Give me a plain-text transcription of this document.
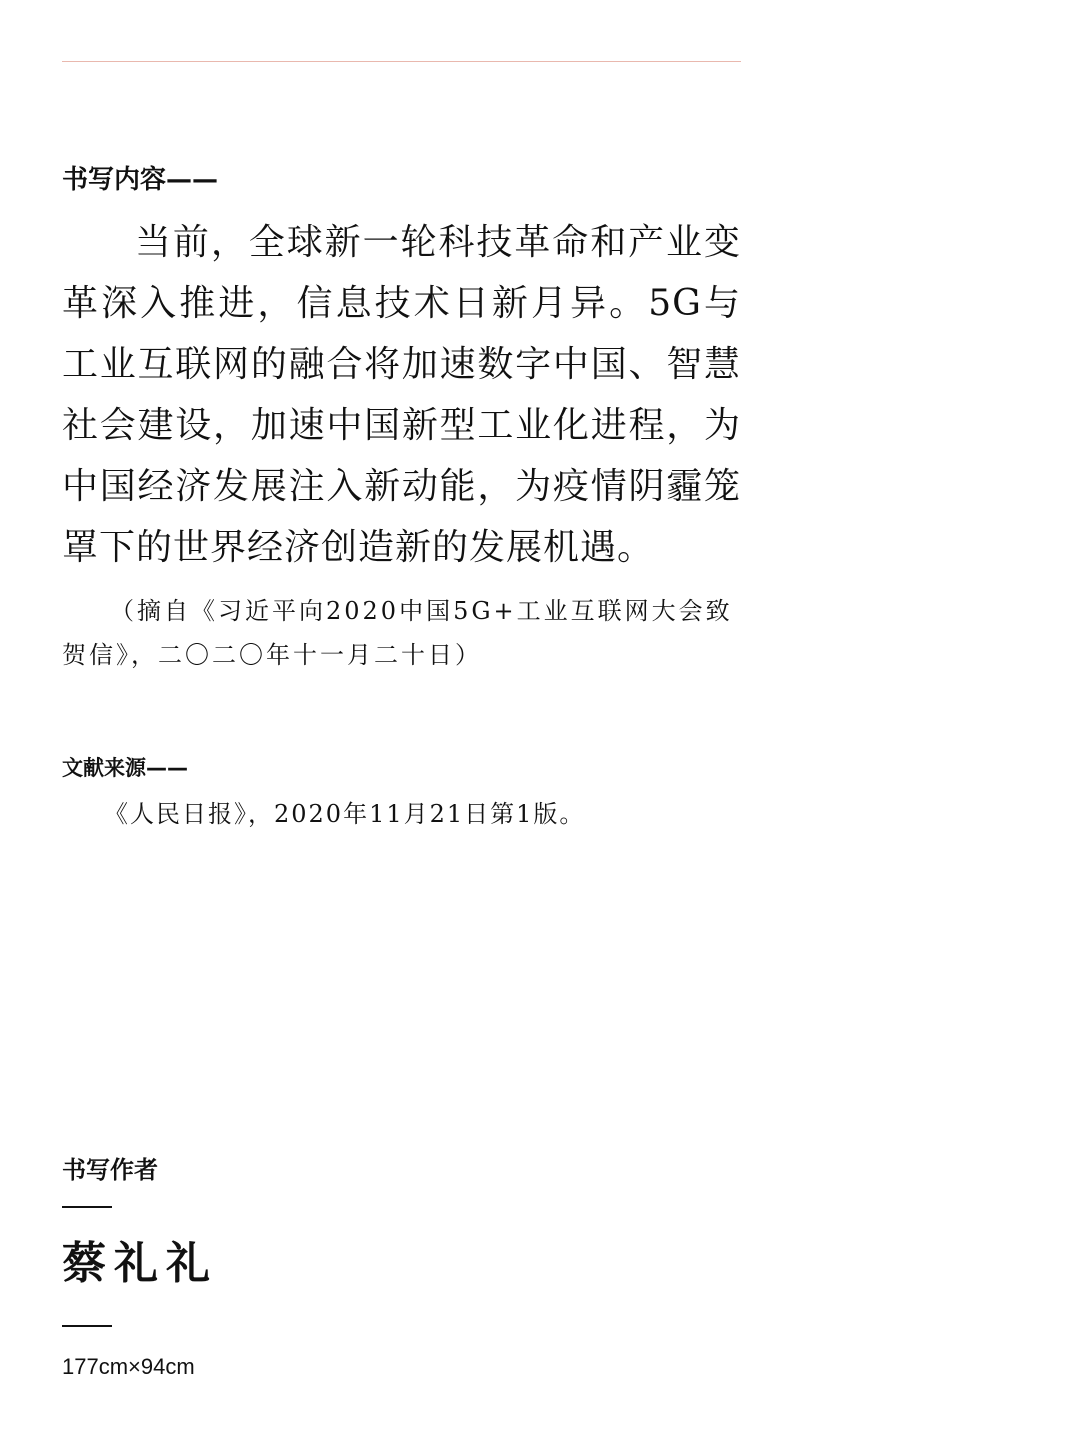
书写内容——

当前，全球新一轮科技革命和产业变革深入推进，信息技术日新月异。5G与工业互联网的融合将加速数字中国、智慧社会建设，加速中国新型工业化进程，为中国经济发展注入新动能，为疫情阴霾笼罩下的世界经济创造新的发展机遇。

（摘自《习近平向2020中国5G+工业互联网大会致贺信》，二〇二〇年十一月二十日）

文献来源——

《人民日报》，2020年11月21日第1版。

书写作者
蔡礼礼
177cm×94cm
